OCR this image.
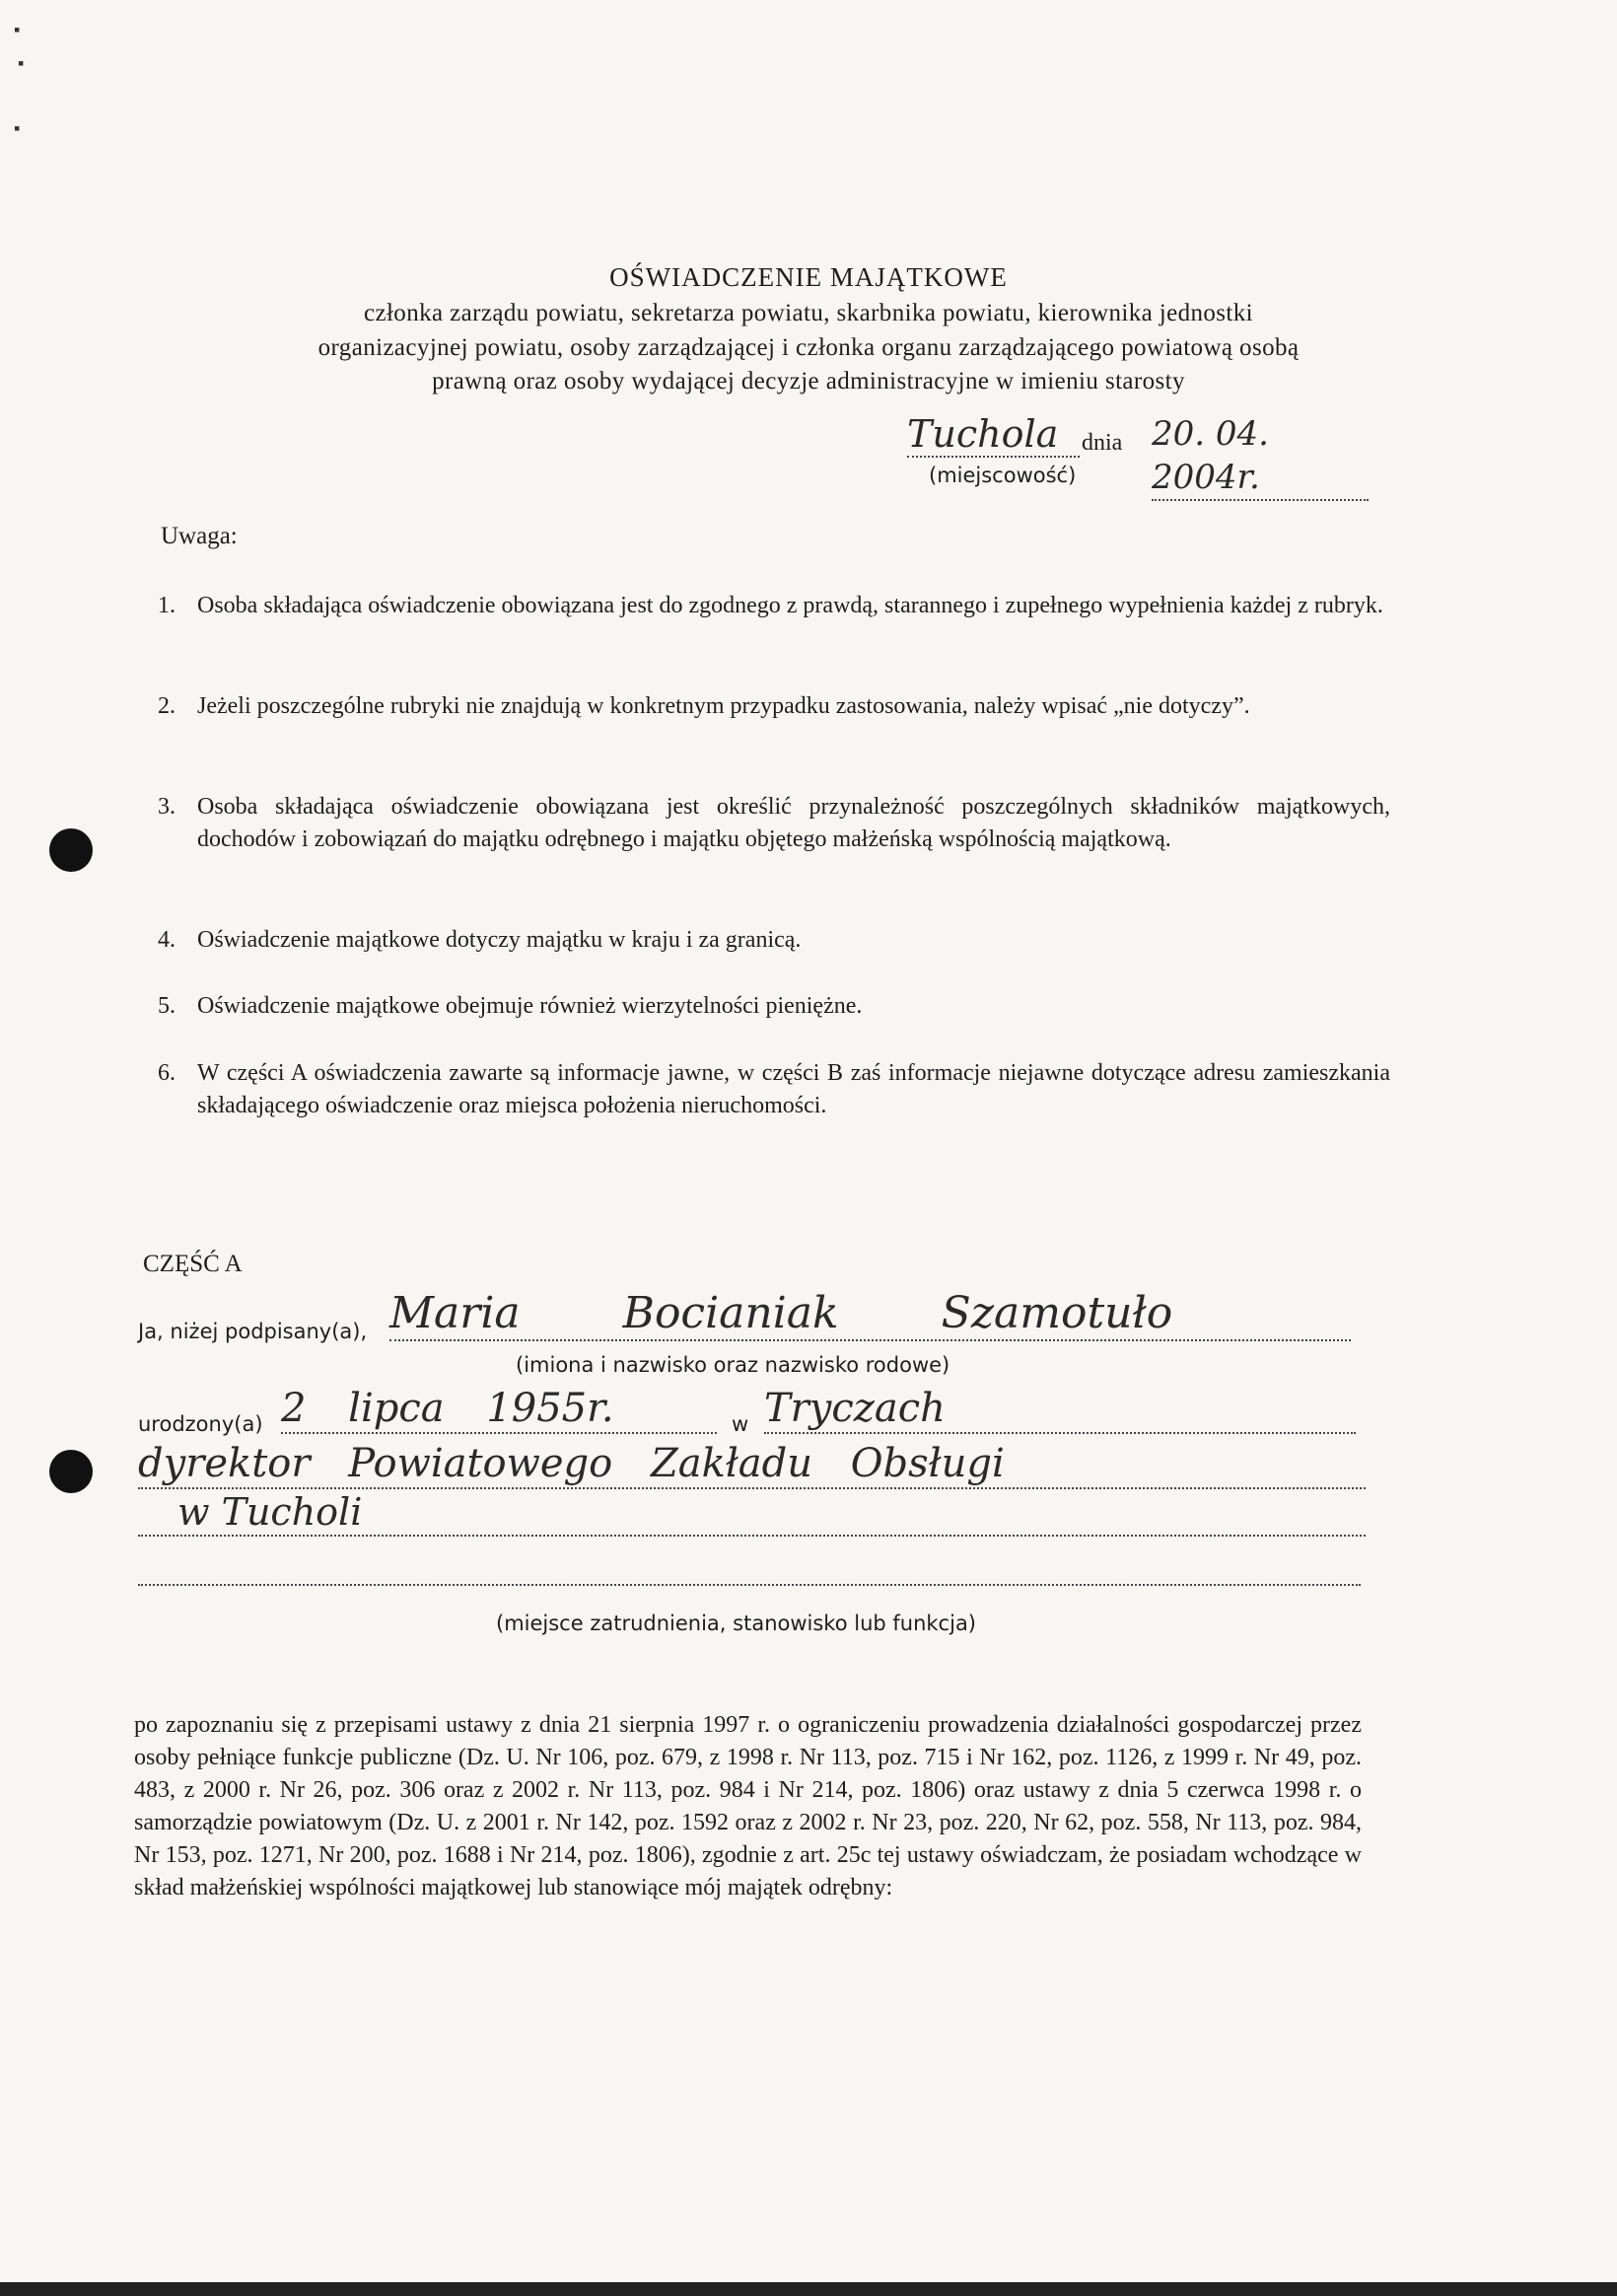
▪
▪
▪
OŚWIADCZENIE MAJĄTKOWE
członka zarządu powiatu, sekretarza powiatu, skarbnika powiatu, kierownika jednostki
organizacyjnej powiatu, osoby zarządzającej i członka organu zarządzającego powiatową osobą
prawną oraz osoby wydającej decyzje administracyjne w imieniu starosty
Tuchola dnia 20. 04. 2004r.
(miejscowość)
Uwaga:
1. Osoba składająca oświadczenie obowiązana jest do zgodnego z prawdą, starannego i zupełnego wypełnienia każdej z rubryk.
2. Jeżeli poszczególne rubryki nie znajdują w konkretnym przypadku zastosowania, należy wpisać „nie dotyczy”.
3. Osoba składająca oświadczenie obowiązana jest określić przynależność poszczególnych składników majątkowych, dochodów i zobowiązań do majątku odrębnego i majątku objętego małżeńską wspólnością majątkową.
4. Oświadczenie majątkowe dotyczy majątku w kraju i za granicą.
5. Oświadczenie majątkowe obejmuje również wierzytelności pieniężne.
6. W części A oświadczenia zawarte są informacje jawne, w części B zaś informacje niejawne dotyczące adresu zamieszkania składającego oświadczenie oraz miejsca położenia nieruchomości.
CZĘŚĆ A
Ja, niżej podpisany(a), Maria Bocianiak Szamotuło
(imiona i nazwisko oraz nazwisko rodowe)
urodzony(a) 2 lipca 1955r.	w Tryczach
dyrektor Powiatowego Zakładu Obsługi
w Tucholi
(miejsce zatrudnienia, stanowisko lub funkcja)
po zapoznaniu się z przepisami ustawy z dnia 21 sierpnia 1997 r. o ograniczeniu prowadzenia działalności gospodarczej przez osoby pełniące funkcje publiczne (Dz. U. Nr 106, poz. 679, z 1998 r. Nr 113, poz. 715 i Nr 162, poz. 1126, z 1999 r. Nr 49, poz. 483, z 2000 r. Nr 26, poz. 306 oraz z 2002 r. Nr 113, poz. 984 i Nr 214, poz. 1806) oraz ustawy z dnia 5 czerwca 1998 r. o samorządzie powiatowym (Dz. U. z 2001 r. Nr 142, poz. 1592 oraz z 2002 r. Nr 23, poz. 220, Nr 62, poz. 558, Nr 113, poz. 984, Nr 153, poz. 1271, Nr 200, poz. 1688 i Nr 214, poz. 1806), zgodnie z art. 25c tej ustawy oświadczam, że posiadam wchodzące w skład małżeńskiej wspólności majątkowej lub stanowiące mój majątek odrębny:
